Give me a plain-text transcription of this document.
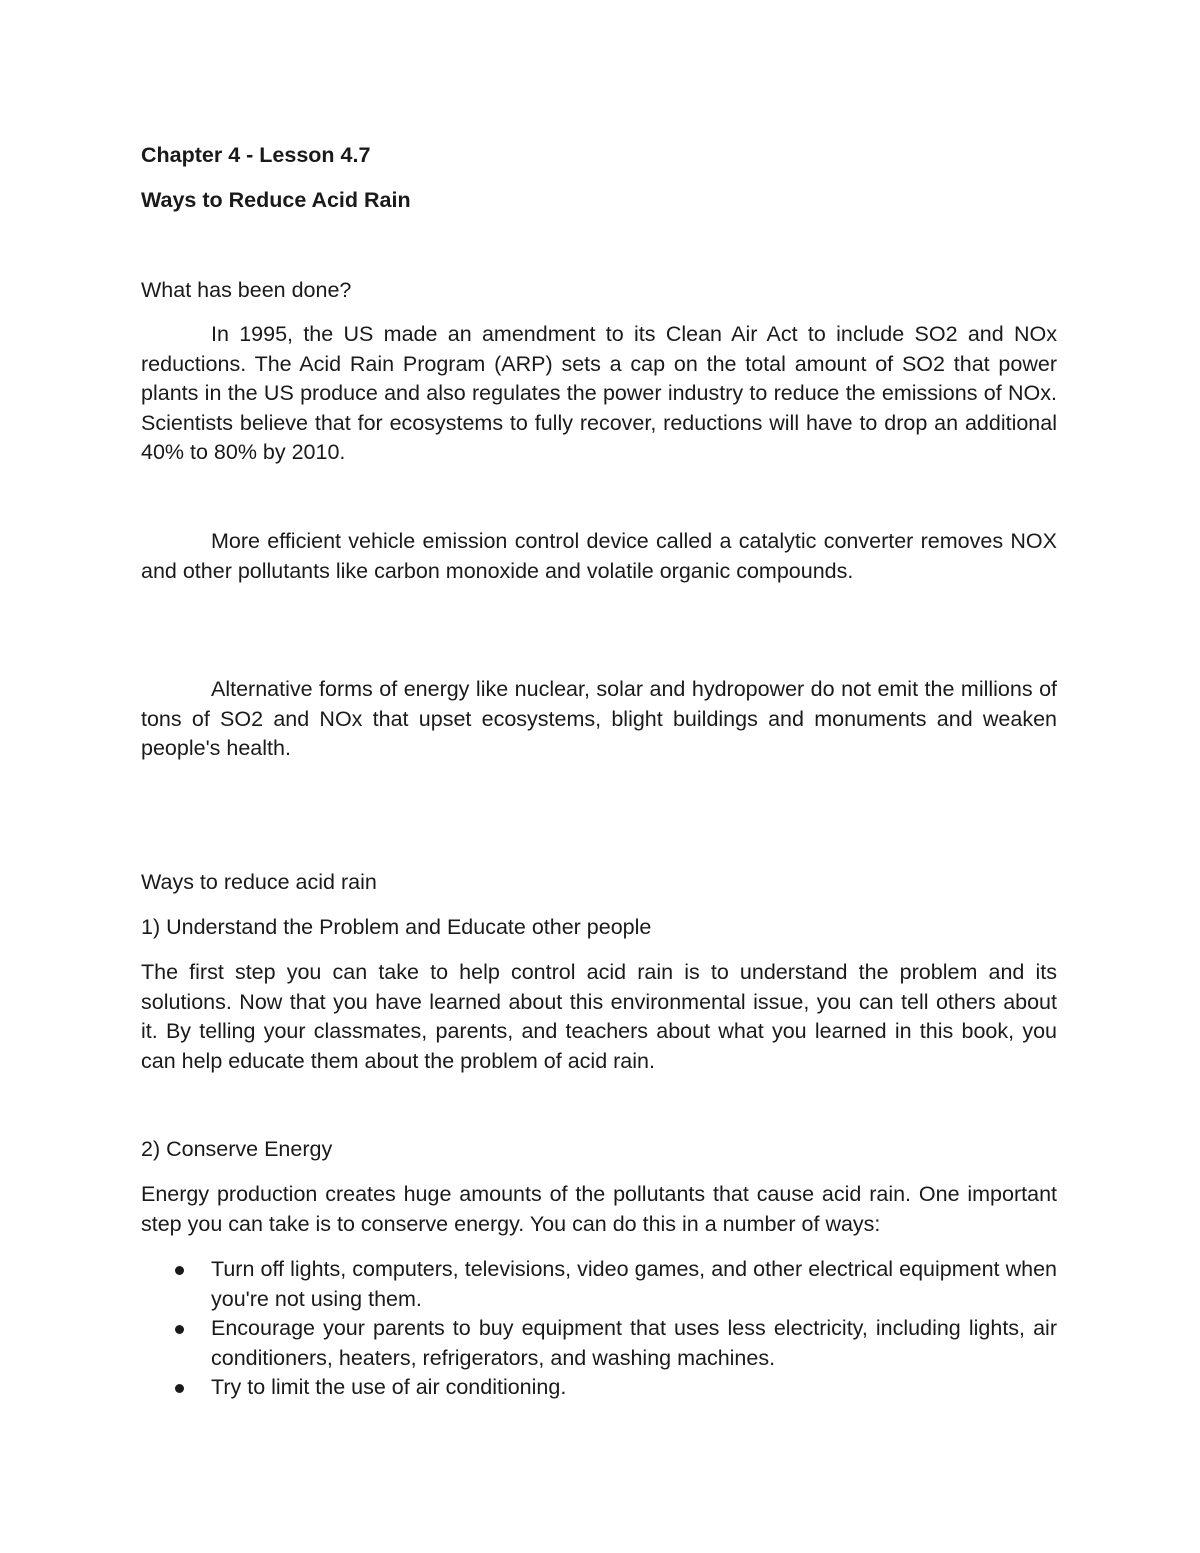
Chapter 4 - Lesson 4.7
Ways to Reduce Acid Rain
What has been done?
In 1995, the US made an amendment to its Clean Air Act to include SO2 and NOx reductions. The Acid Rain Program (ARP) sets a cap on the total amount of SO2 that power plants in the US produce and also regulates the power industry to reduce the emissions of NOx. Scientists believe that for ecosystems to fully recover, reductions will have to drop an additional 40% to 80% by 2010.
More efficient vehicle emission control device called a catalytic converter removes NOX and other pollutants like carbon monoxide and volatile organic compounds.
Alternative forms of energy like nuclear, solar and hydropower do not emit the millions of tons of SO2 and NOx that upset ecosystems, blight buildings and monuments and weaken people's health.
Ways to reduce acid rain
1) Understand the Problem and Educate other people
The first step you can take to help control acid rain is to understand the problem and its solutions. Now that you have learned about this environmental issue, you can tell others about it. By telling your classmates, parents, and teachers about what you learned in this book, you can help educate them about the problem of acid rain.
2) Conserve Energy
Energy production creates huge amounts of the pollutants that cause acid rain. One important step you can take is to conserve energy. You can do this in a number of ways:
Turn off lights, computers, televisions, video games, and other electrical equipment when you're not using them.
Encourage your parents to buy equipment that uses less electricity, including lights, air conditioners, heaters, refrigerators, and washing machines.
Try to limit the use of air conditioning.
